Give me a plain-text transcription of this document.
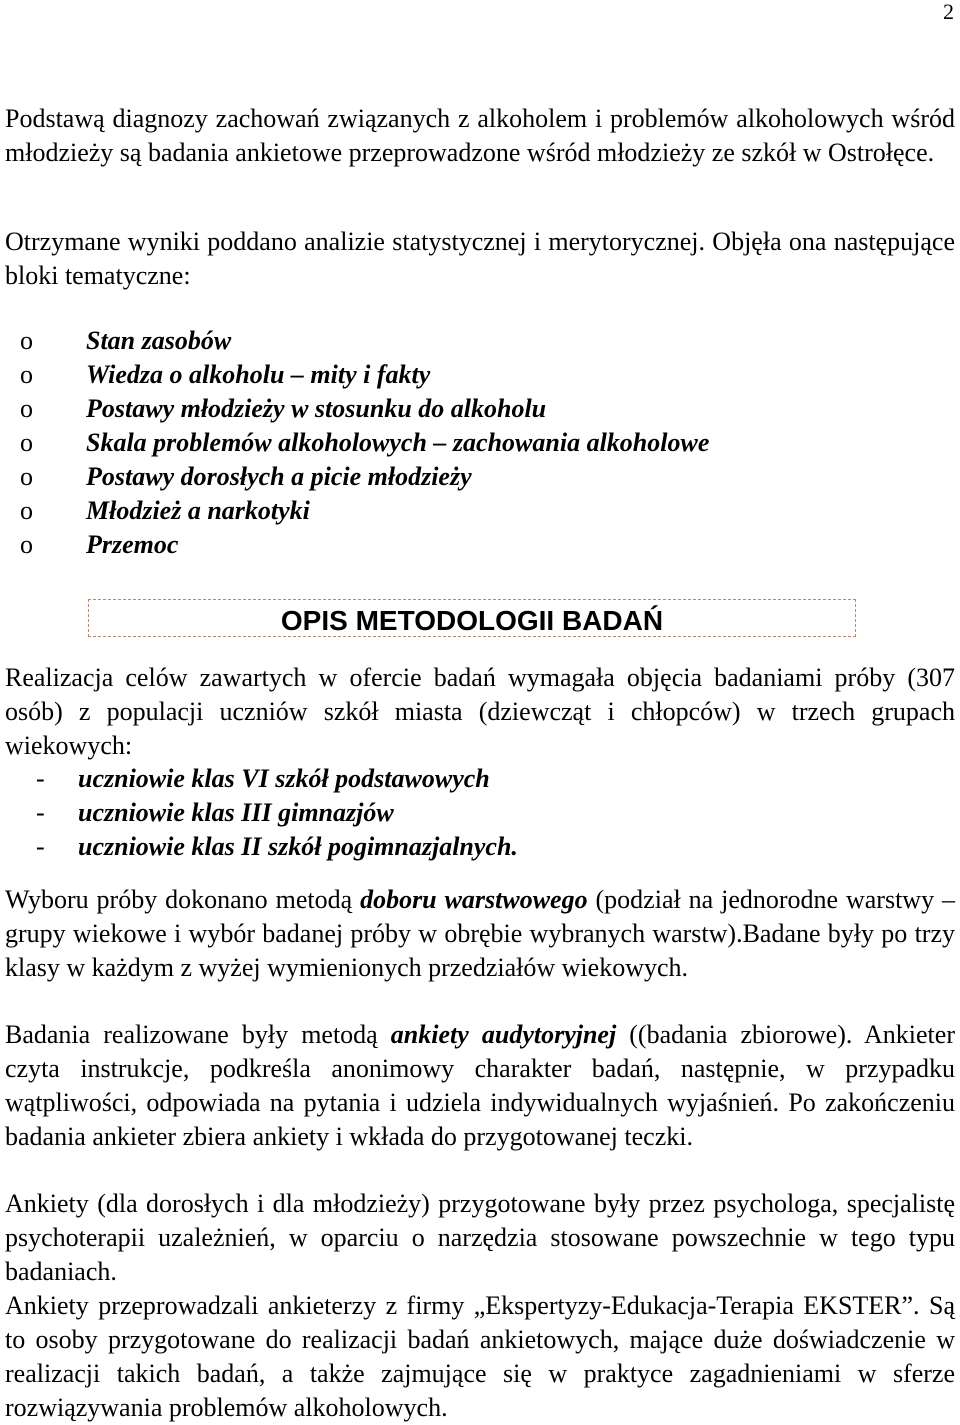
2

Podstawą diagnozy zachowań związanych z alkoholem i problemów alkoholowych wśród młodzieży są badania ankietowe przeprowadzone wśród młodzieży ze szkół w Ostrołęce.

Otrzymane wyniki poddano analizie statystycznej i merytorycznej. Objęła ona następujące bloki tematyczne:

o	Stan zasobów
o	Wiedza o alkoholu – mity i fakty
o	Postawy młodzieży w stosunku do alkoholu
o	Skala problemów alkoholowych – zachowania alkoholowe
o	Postawy dorosłych a picie młodzieży
o	Młodzież a narkotyki
o	Przemoc
OPIS METODOLOGII BADAŃ

Realizacja celów zawartych w ofercie badań wymagała objęcia badaniami próby (307 osób) z populacji uczniów szkół miasta (dziewcząt i chłopców) w trzech grupach wiekowych:

-	uczniowie klas VI szkół podstawowych
-	uczniowie klas III gimnazjów
-	uczniowie klas II szkół pogimnazjalnych.

Wyboru próby dokonano metodą doboru warstwowego (podział na jednorodne warstwy – grupy wiekowe i wybór badanej próby w obrębie wybranych warstw).Badane były po trzy klasy w każdym z wyżej wymienionych przedziałów wiekowych.

Badania realizowane były metodą ankiety audytoryjnej ((badania zbiorowe). Ankieter czyta instrukcje, podkreśla anonimowy charakter badań, następnie, w przypadku wątpliwości, odpowiada na pytania i udziela indywidualnych wyjaśnień. Po zakończeniu badania ankieter zbiera ankiety i wkłada do przygotowanej teczki.

Ankiety (dla dorosłych i dla młodzieży) przygotowane były przez psychologa, specjalistę psychoterapii uzależnień, w oparciu o narzędzia stosowane powszechnie w tego typu badaniach.

Ankiety przeprowadzali ankieterzy z firmy „Ekspertyzy-Edukacja-Terapia EKSTER”. Są to osoby przygotowane do realizacji badań ankietowych, mające duże doświadczenie w realizacji takich badań, a także zajmujące się w praktyce zagadnieniami w sferze rozwiązywania problemów alkoholowych.
